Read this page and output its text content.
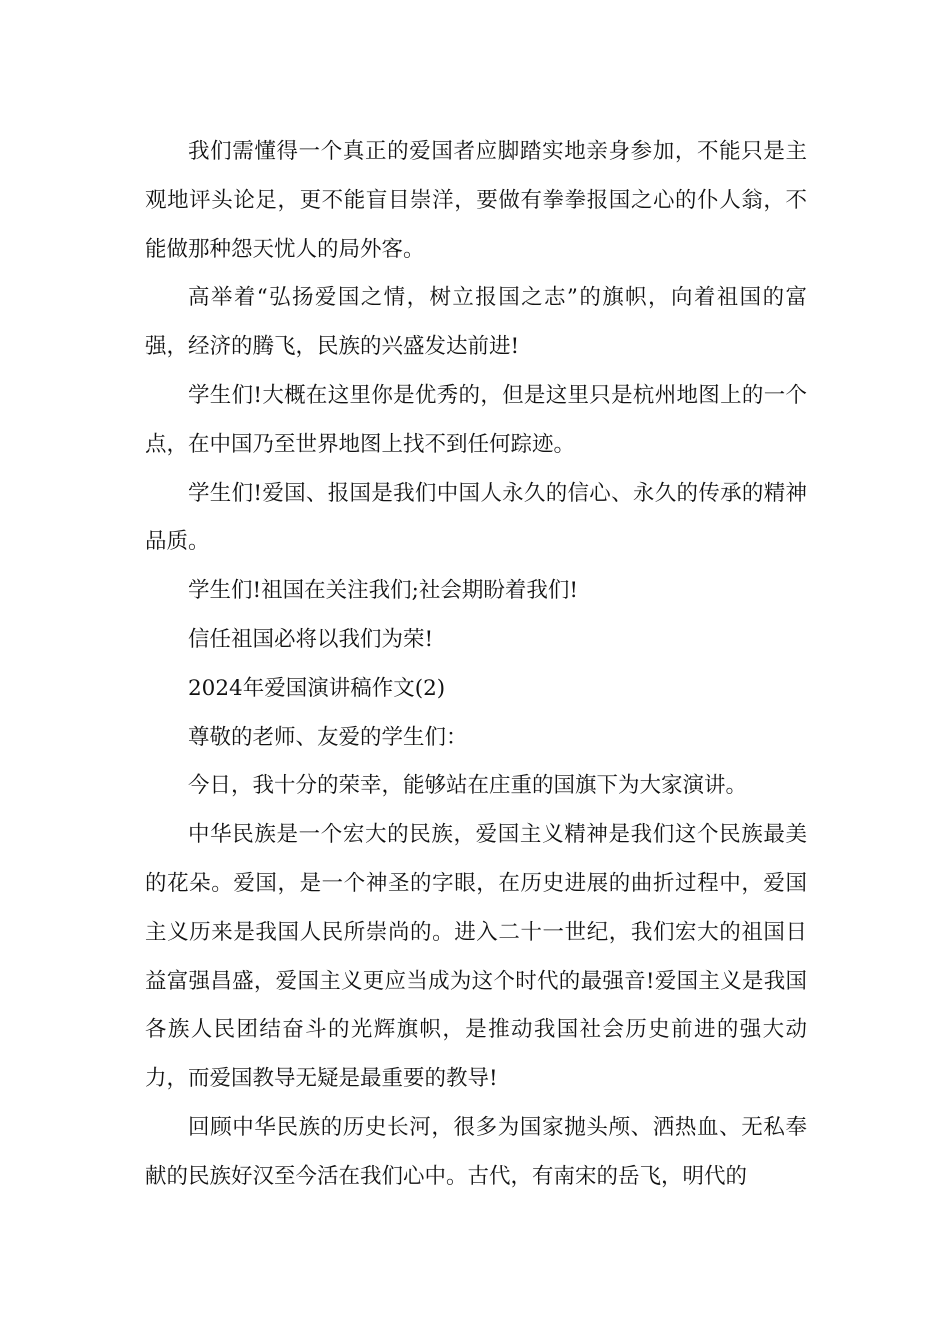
我们需懂得一个真正的爱国者应脚踏实地亲身参加，不能只是主观地评头论足，更不能盲目崇洋，要做有拳拳报国之心的仆人翁，不能做那种怨天忧人的局外客。

高举着“弘扬爱国之情，树立报国之志”的旗帜，向着祖国的富强，经济的腾飞，民族的兴盛发达前进!

学生们!大概在这里你是优秀的，但是这里只是杭州地图上的一个点，在中国乃至世界地图上找不到任何踪迹。

学生们!爱国、报国是我们中国人永久的信心、永久的传承的精神品质。

学生们!祖国在关注我们;社会期盼着我们!

信任祖国必将以我们为荣!

2024年爱国演讲稿作文(2)

尊敬的老师、友爱的学生们：

今日，我十分的荣幸，能够站在庄重的国旗下为大家演讲。

中华民族是一个宏大的民族，爱国主义精神是我们这个民族最美的花朵。爱国，是一个神圣的字眼，在历史进展的曲折过程中，爱国主义历来是我国人民所崇尚的。进入二十一世纪，我们宏大的祖国日益富强昌盛，爱国主义更应当成为这个时代的最强音!爱国主义是我国各族人民团结奋斗的光辉旗帜，是推动我国社会历史前进的强大动力，而爱国教导无疑是最重要的教导!

回顾中华民族的历史长河，很多为国家抛头颅、洒热血、无私奉献的民族好汉至今活在我们心中。古代，有南宋的岳飞，明代的
